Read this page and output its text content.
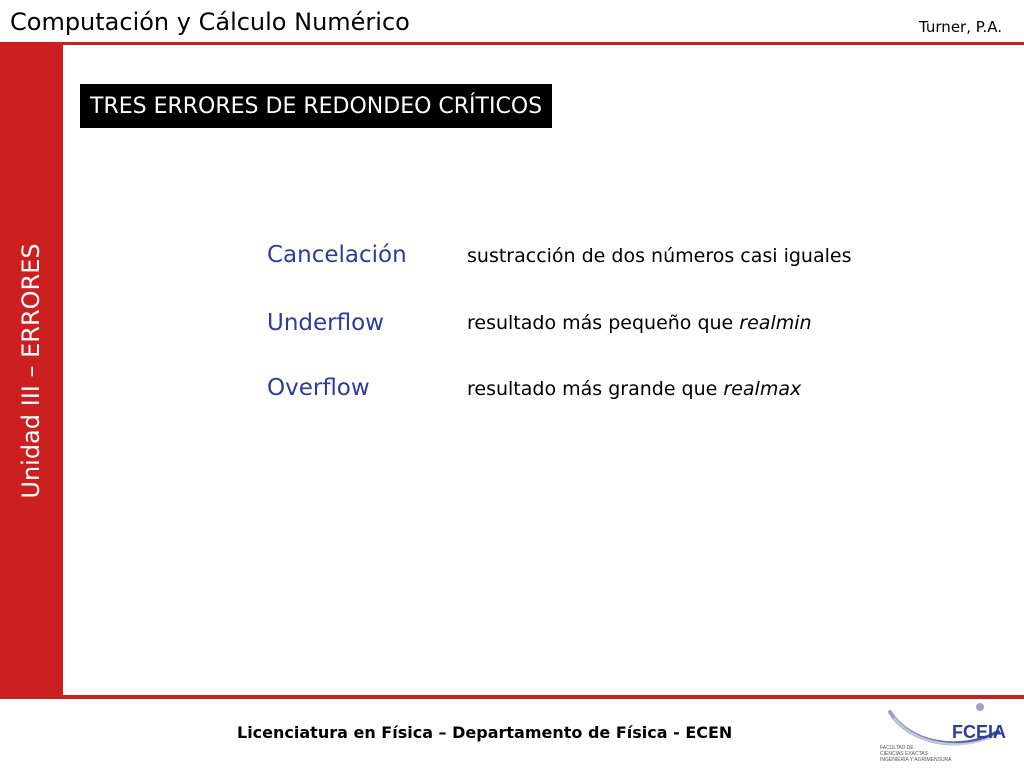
Computación y Cálculo Numérico	Turner, P.A.
Unidad III – ERRORES
TRES ERRORES DE REDONDEO CRÍTICOS
Cancelación	sustracción de dos números casi iguales
Underflow	resultado más pequeño que realmin
Overflow	resultado más grande que realmax
Licenciatura en Física – Departamento de Física - ECEN	FCEIA
FACULTAD DE
CIENCIAS EXACTAS
INGENIERÍA Y AGRIMENSURA
